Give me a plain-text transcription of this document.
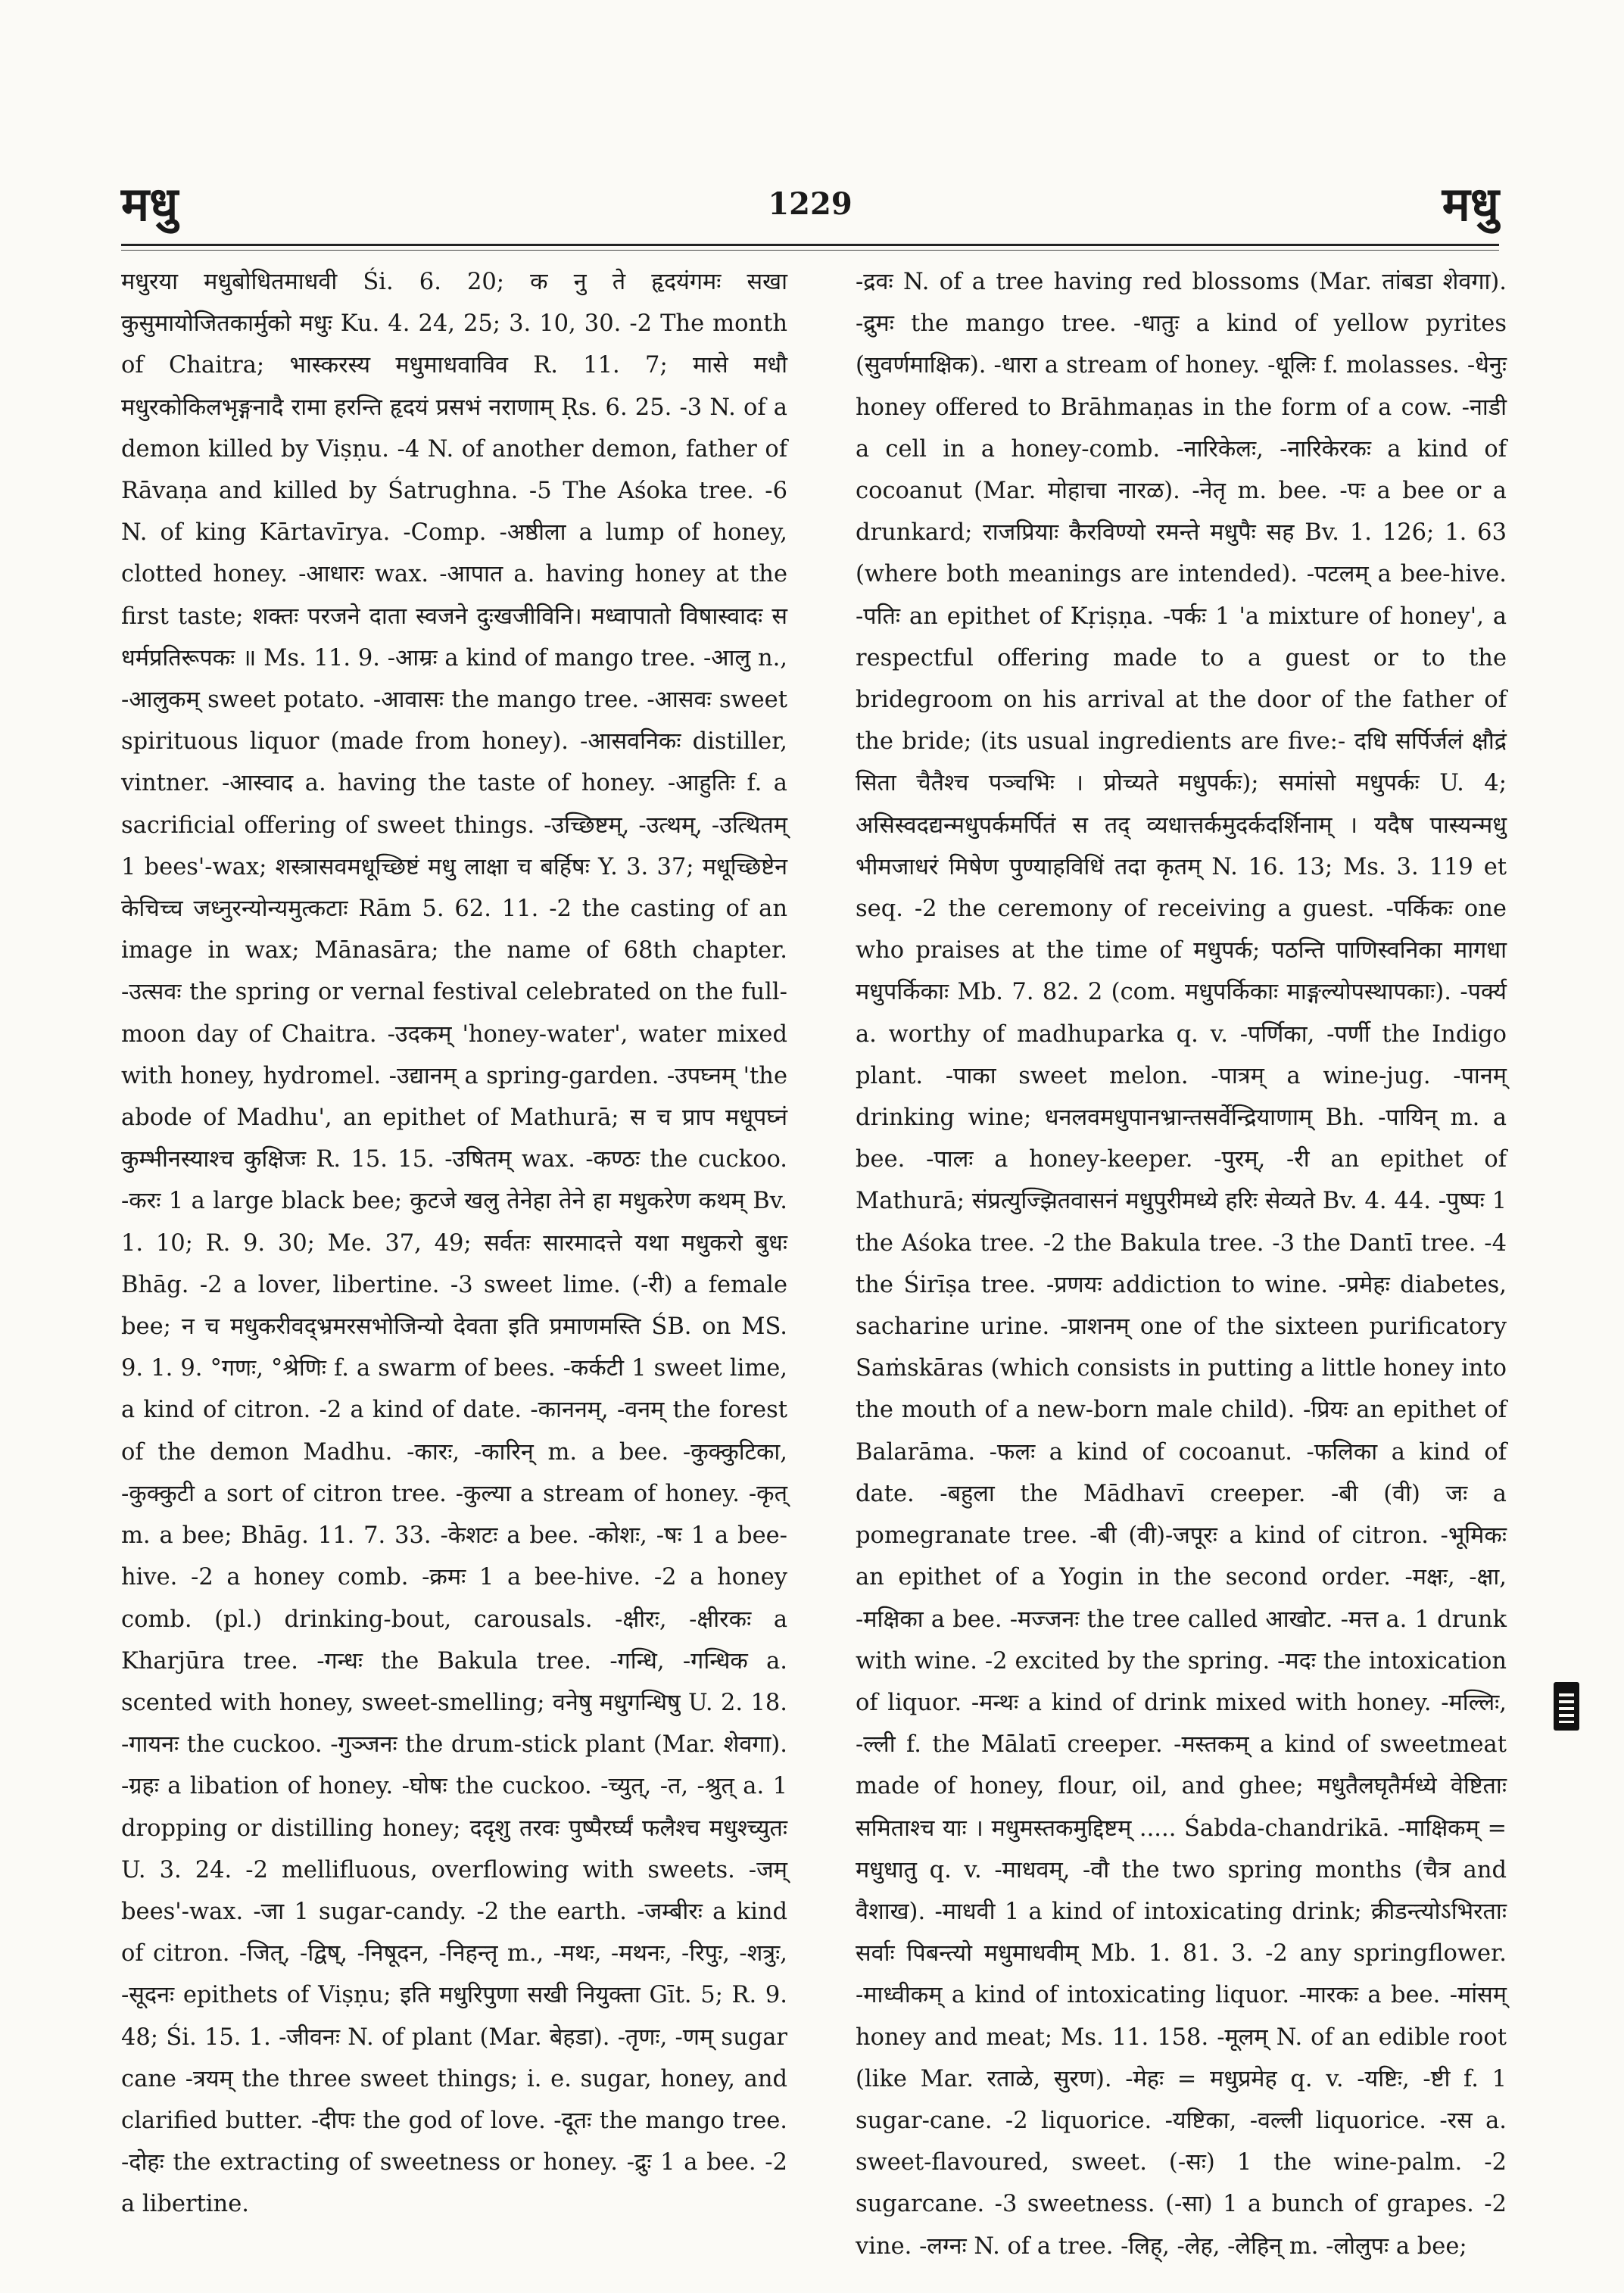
मधु	1229	मधु

मधुरया मधुबोधितमाधवी Śi. 6. 20; क नु ते हृदयंगमः सखा कुसुमायोजितकार्मुको मधुः Ku. 4. 24, 25; 3. 10, 30. -2 The month of Chaitra; भास्करस्य मधुमाधवाविव R. 11. 7; मासे मधौ मधुरकोकिलभृङ्गनादै रामा हरन्ति हृदयं प्रसभं नराणाम् Ṛs. 6. 25. -3 N. of a demon killed by Viṣṇu. -4 N. of another demon, father of Rāvaṇa and killed by Śatrughna. -5 The Aśoka tree. -6 N. of king Kārtavīrya. -Comp. -अष्ठीला a lump of honey, clotted honey. -आधारः wax. -आपात a. having honey at the first taste; शक्तः परजने दाता स्वजने दुःखजीविनि। मध्वापातो विषास्वादः स धर्मप्रतिरूपकः ॥ Ms. 11. 9. -आम्रः a kind of mango tree. -आलु n., -आलुकम् sweet potato. -आवासः the mango tree. -आसवः sweet spirituous liquor (made from honey). -आसवनिकः distiller, vintner. -आस्वाद a. having the taste of honey. -आहुतिः f. a sacrificial offering of sweet things. -उच्छिष्टम्, -उत्थम्, -उत्थितम् 1 bees'-wax; शस्त्रासवमधूच्छिष्टं मधु लाक्षा च बर्हिषः Y. 3. 37; मधूच्छिष्टेन केचिच्च जध्नुरन्योन्यमुत्कटाः Rām 5. 62. 11. -2 the casting of an image in wax; Mānasāra; the name of 68th chapter. -उत्सवः the spring or vernal festival celebrated on the full-moon day of Chaitra. -उदकम् 'honey-water', water mixed with honey, hydromel. -उद्यानम् a spring-garden. -उपघ्नम् 'the abode of Madhu', an epithet of Mathurā; स च प्राप मधूपघ्नं कुम्भीनस्याश्च कुक्षिजः R. 15. 15. -उषितम् wax. -कण्ठः the cuckoo. -करः 1 a large black bee; कुटजे खलु तेनेहा तेने हा मधुकरेण कथम् Bv. 1. 10; R. 9. 30; Me. 37, 49; सर्वतः सारमादत्ते यथा मधुकरो बुधः Bhāg. -2 a lover, libertine. -3 sweet lime. (-री) a female bee; न च मधुकरीवद्भ्रमरसभोजिन्यो देवता इति प्रमाणमस्ति ŚB. on MS. 9. 1. 9. °गणः, °श्रेणिः f. a swarm of bees. -कर्कटी 1 sweet lime, a kind of citron. -2 a kind of date. -काननम्, -वनम् the forest of the demon Madhu. -कारः, -कारिन् m. a bee. -कुक्कुटिका, -कुक्कुटी a sort of citron tree. -कुल्या a stream of honey. -कृत् m. a bee; Bhāg. 11. 7. 33. -केशटः a bee. -कोशः, -षः 1 a bee-hive. -2 a honey comb. -क्रमः 1 a bee-hive. -2 a honey comb. (pl.) drinking-bout, carousals. -क्षीरः, -क्षीरकः a Kharjūra tree. -गन्धः the Bakula tree. -गन्धि, -गन्धिक a. scented with honey, sweet-smelling; वनेषु मधुगन्धिषु U. 2. 18. -गायनः the cuckoo. -गुञ्जनः the drum-stick plant (Mar. शेवगा). -ग्रहः a libation of honey. -घोषः the cuckoo. -च्युत्, -त, -श्रुत् a. 1 dropping or distilling honey; ददृशु तरवः पुष्पैरर्घ्यं फलैश्च मधुश्च्युतः U. 3. 24. -2 mellifluous, overflowing with sweets. -जम् bees'-wax. -जा 1 sugar-candy. -2 the earth. -जम्बीरः a kind of citron. -जित्, -द्विष्, -निषूदन, -निहन्तृ m., -मथः, -मथनः, -रिपुः, -शत्रुः, -सूदनः epithets of Viṣṇu; इति मधुरिपुणा सखी नियुक्ता Gīt. 5; R. 9. 48; Śi. 15. 1. -जीवनः N. of plant (Mar. बेहडा). -तृणः, -णम् sugar cane -त्रयम् the three sweet things; i. e. sugar, honey, and clarified butter. -दीपः the god of love. -दूतः the mango tree. -दोहः the extracting of sweetness or honey. -द्रुः 1 a bee. -2 a libertine.

-द्रवः N. of a tree having red blossoms (Mar. तांबडा शेवगा). -द्रुमः the mango tree. -धातुः a kind of yellow pyrites (सुवर्णमाक्षिक). -धारा a stream of honey. -धूलिः f. molasses. -धेनुः honey offered to Brāhmaṇas in the form of a cow. -नाडी a cell in a honey-comb. -नारिकेलः, -नारिकेरकः a kind of cocoanut (Mar. मोहाचा नारळ). -नेतृ m. bee. -पः a bee or a drunkard; राजप्रियाः कैरविण्यो रमन्ते मधुपैः सह Bv. 1. 126; 1. 63 (where both meanings are intended). -पटलम् a bee-hive. -पतिः an epithet of Kṛiṣṇa. -पर्कः 1 'a mixture of honey', a respectful offering made to a guest or to the bridegroom on his arrival at the door of the father of the bride; (its usual ingredients are five:- दधि सर्पिर्जलं क्षौद्रं सिता चैतैश्च पञ्चभिः । प्रोच्यते मधुपर्कः); समांसो मधुपर्कः U. 4; असिस्वदद्यन्मधुपर्कमर्पितं स तद् व्यधात्तर्कमुदर्कदर्शिनाम् । यदैष पास्यन्मधु भीमजाधरं मिषेण पुण्याहविधिं तदा कृतम् N. 16. 13; Ms. 3. 119 et seq. -2 the ceremony of receiving a guest. -पर्किकः one who praises at the time of मधुपर्क; पठन्ति पाणिस्वनिका मागधा मधुपर्किकाः Mb. 7. 82. 2 (com. मधुपर्किकाः माङ्गल्योपस्थापकाः). -पर्क्य a. worthy of madhuparka q. v. -पर्णिका, -पर्णी the Indigo plant. -पाका sweet melon. -पात्रम् a wine-jug. -पानम् drinking wine; धनलवमधुपानभ्रान्तसर्वेन्द्रियाणाम् Bh. -पायिन् m. a bee. -पालः a honey-keeper. -पुरम्, -री an epithet of Mathurā; संप्रत्युज्झितवासनं मधुपुरीमध्ये हरिः सेव्यते Bv. 4. 44. -पुष्पः 1 the Aśoka tree. -2 the Bakula tree. -3 the Dantī tree. -4 the Śirīṣa tree. -प्रणयः addiction to wine. -प्रमेहः diabetes, sacharine urine. -प्राशनम् one of the sixteen purificatory Saṁskāras (which consists in putting a little honey into the mouth of a new-born male child). -प्रियः an epithet of Balarāma. -फलः a kind of cocoanut. -फलिका a kind of date. -बहुला the Mādhavī creeper. -बी (वी) जः a pomegranate tree. -बी (वी)-जपूरः a kind of citron. -भूमिकः an epithet of a Yogin in the second order. -मक्षः, -क्षा, -मक्षिका a bee. -मज्जनः the tree called आखोट. -मत्त a. 1 drunk with wine. -2 excited by the spring. -मदः the intoxication of liquor. -मन्थः a kind of drink mixed with honey. -मल्लिः, -ल्ली f. the Mālatī creeper. -मस्तकम् a kind of sweetmeat made of honey, flour, oil, and ghee; मधुतैलघृतैर्मध्ये वेष्टिताः समिताश्च याः । मधुमस्तकमुद्दिष्टम् ..... Śabda-chandrikā. -माक्षिकम् = मधुधातु q. v. -माधवम्, -वौ the two spring months (चैत्र and वैशाख). -माधवी 1 a kind of intoxicating drink; क्रीडन्त्योऽभिरताः सर्वाः पिबन्त्यो मधुमाधवीम् Mb. 1. 81. 3. -2 any springflower. -माध्वीकम् a kind of intoxicating liquor. -मारकः a bee. -मांसम् honey and meat; Ms. 11. 158. -मूलम् N. of an edible root (like Mar. रताळे, सुरण). -मेहः = मधुप्रमेह q. v. -यष्टिः, -ष्टी f. 1 sugar-cane. -2 liquorice. -यष्टिका, -वल्ली liquorice. -रस a. sweet-flavoured, sweet. (-सः) 1 the wine-palm. -2 sugarcane. -3 sweetness. (-सा) 1 a bunch of grapes. -2 vine. -लग्नः N. of a tree. -लिह्, -लेह, -लेहिन् m. -लोलुपः a bee;
